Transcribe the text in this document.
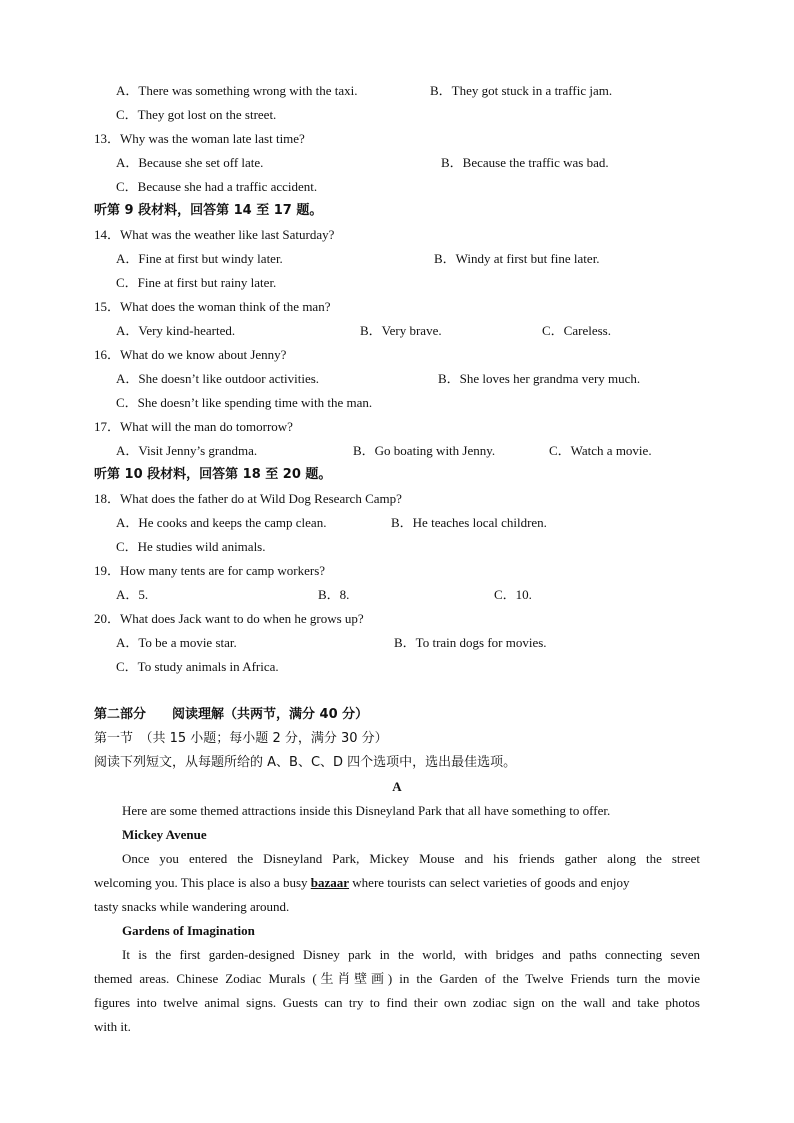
A．There was something wrong with the taxi.	B．They got stuck in a traffic jam.
C．They got lost on the street.
13．Why was the woman late last time?
A．Because she set off late.	B．Because the traffic was bad.
C．Because she had a traffic accident.
听第 9 段材料，回答第 14 至 17 题。
14．What was the weather like last Saturday?
A．Fine at first but windy later.	B．Windy at first but fine later.
C．Fine at first but rainy later.
15．What does the woman think of the man?
A．Very kind-hearted.	B．Very brave.	C．Careless.
16．What do we know about Jenny?
A．She doesn’t like outdoor activities.	B．She loves her grandma very much.
C．She doesn’t like spending time with the man.
17．What will the man do tomorrow?
A．Visit Jenny’s grandma.	B．Go boating with Jenny.	C．Watch a movie.
听第 10 段材料，回答第 18 至 20 题。
18．What does the father do at Wild Dog Research Camp?
A．He cooks and keeps the camp clean.	B．He teaches local children.
C．He studies wild animals.
19．How many tents are for camp workers?
A．5.	B．8.	C．10.
20．What does Jack want to do when he grows up?
A．To be a movie star.	B．To train dogs for movies.
C．To study animals in Africa.
第二部分　　阅读理解（共两节，满分 40 分）
第一节　（共 15 小题；每小题 2 分，满分 30 分）
阅读下列短文，从每题所给的 A、B、C、D 四个选项中，选出最佳选项。
A
Here are some themed attractions inside this Disneyland Park that all have something to offer.
Mickey Avenue
Once you entered the Disneyland Park, Mickey Mouse and his friends gather along the street
welcoming you. This place is also a busy bazaar where tourists can select varieties of goods and enjoy
tasty snacks while wandering around.
Gardens of Imagination
It is the first garden-designed Disney park in the world, with bridges and paths connecting seven
themed areas. Chinese Zodiac Murals (生肖壁画) in the Garden of the Twelve Friends turn the movie
figures into twelve animal signs. Guests can try to find their own zodiac sign on the wall and take photos
with it.
